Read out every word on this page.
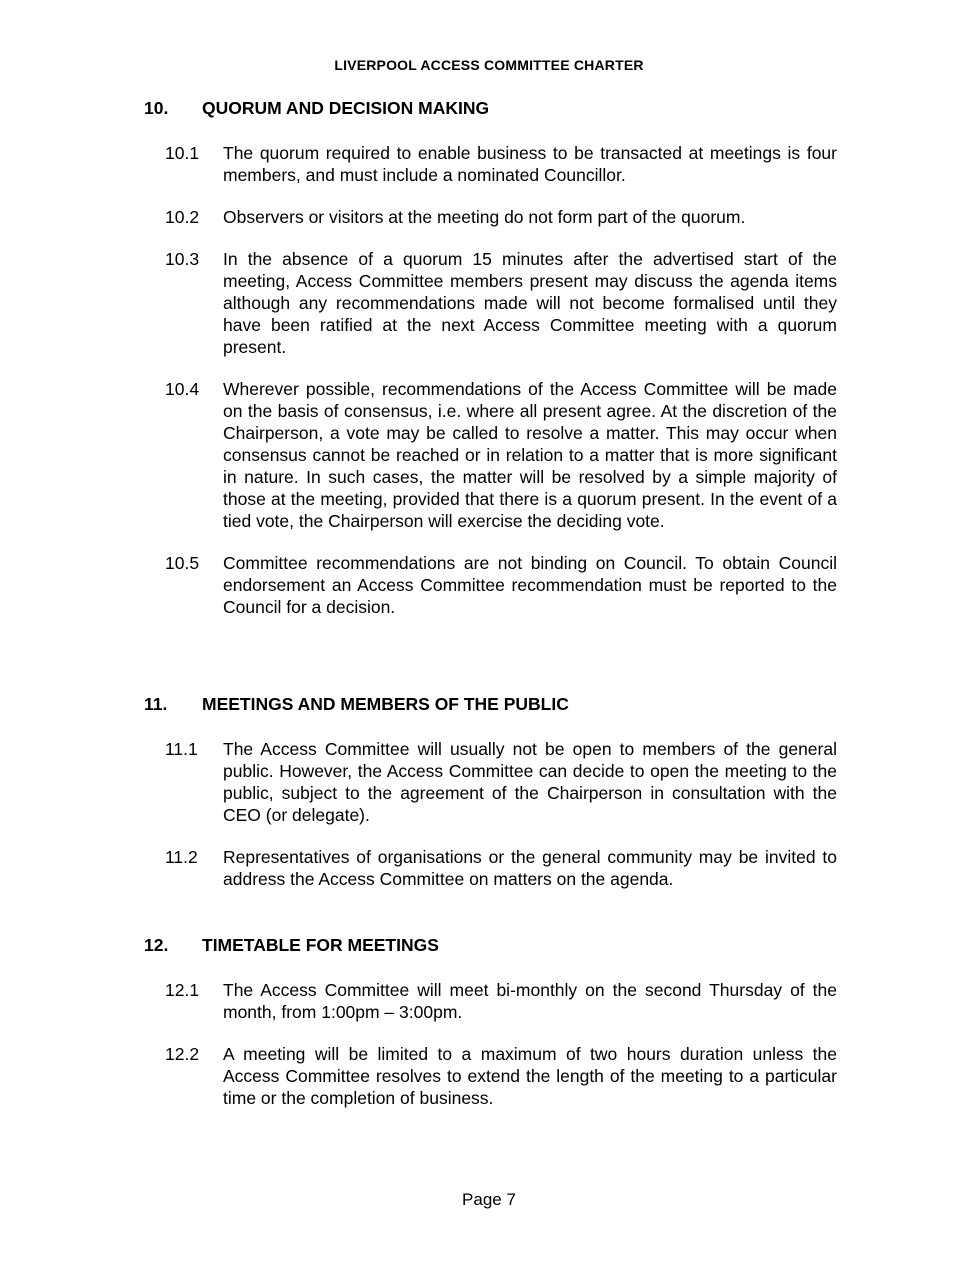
LIVERPOOL ACCESS COMMITTEE CHARTER
10. QUORUM AND DECISION MAKING
10.1 The quorum required to enable business to be transacted at meetings is four members, and must include a nominated Councillor.
10.2 Observers or visitors at the meeting do not form part of the quorum.
10.3 In the absence of a quorum 15 minutes after the advertised start of the meeting, Access Committee members present may discuss the agenda items although any recommendations made will not become formalised until they have been ratified at the next Access Committee meeting with a quorum present.
10.4 Wherever possible, recommendations of the Access Committee will be made on the basis of consensus, i.e. where all present agree. At the discretion of the Chairperson, a vote may be called to resolve a matter. This may occur when consensus cannot be reached or in relation to a matter that is more significant in nature. In such cases, the matter will be resolved by a simple majority of those at the meeting, provided that there is a quorum present. In the event of a tied vote, the Chairperson will exercise the deciding vote.
10.5 Committee recommendations are not binding on Council. To obtain Council endorsement an Access Committee recommendation must be reported to the Council for a decision.
11. MEETINGS AND MEMBERS OF THE PUBLIC
11.1 The Access Committee will usually not be open to members of the general public. However, the Access Committee can decide to open the meeting to the public, subject to the agreement of the Chairperson in consultation with the CEO (or delegate).
11.2 Representatives of organisations or the general community may be invited to address the Access Committee on matters on the agenda.
12. TIMETABLE FOR MEETINGS
12.1 The Access Committee will meet bi-monthly on the second Thursday of the month, from 1:00pm – 3:00pm.
12.2 A meeting will be limited to a maximum of two hours duration unless the Access Committee resolves to extend the length of the meeting to a particular time or the completion of business.
Page 7
